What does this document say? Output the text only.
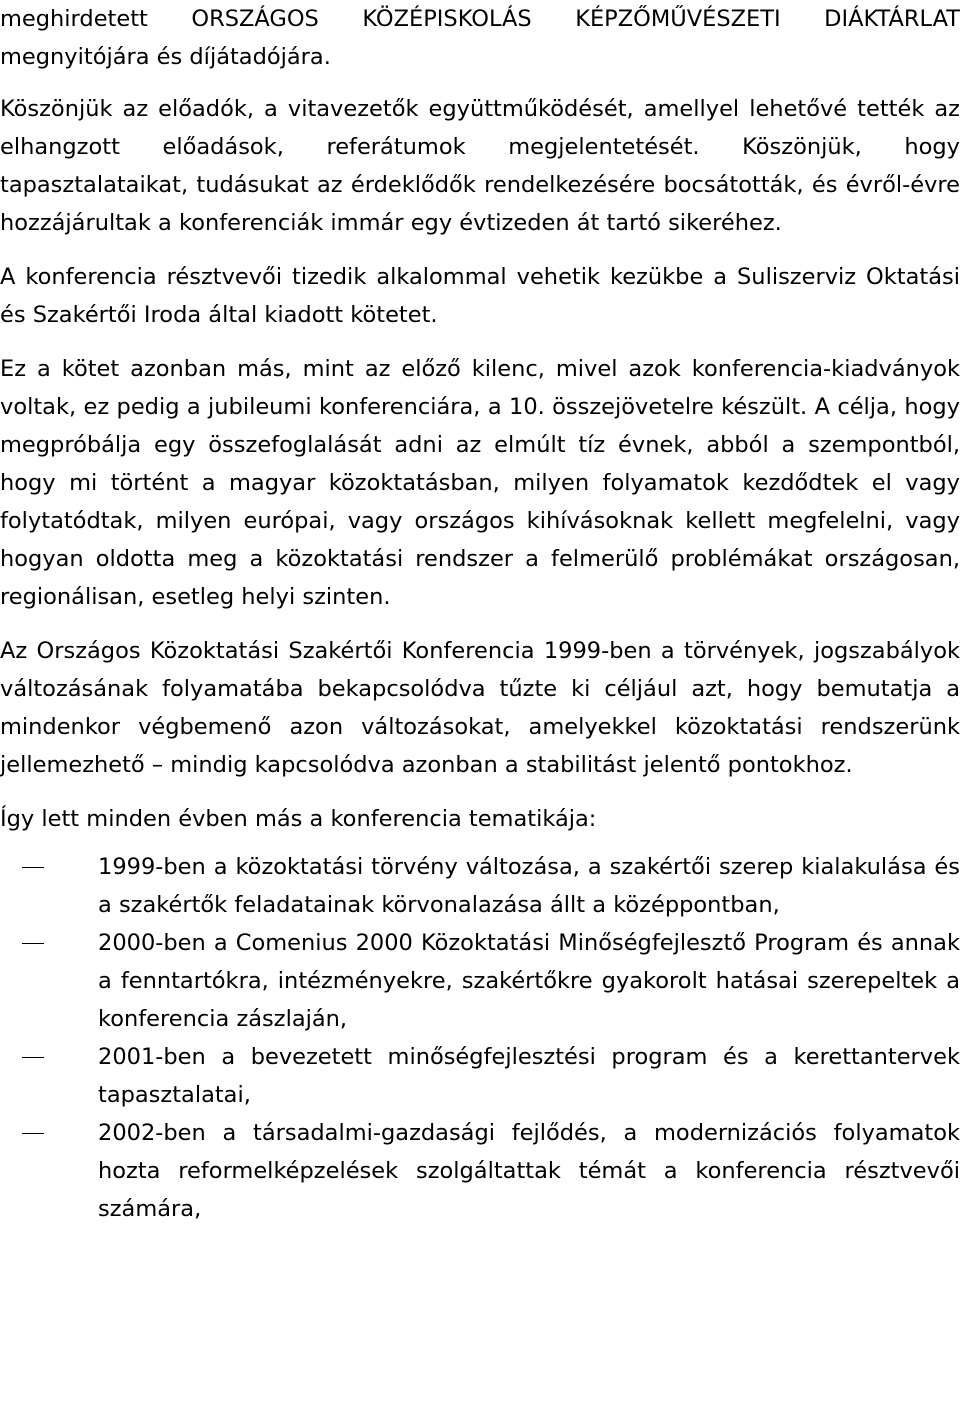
meghirdetett ORSZÁGOS KÖZÉPISKOLÁS KÉPZŐMŰVÉSZETI DIÁKTÁRLAT megnyitójára és díjátadójára.

Köszönjük az előadók, a vitavezetők együttműködését, amellyel lehetővé tették az elhangzott előadások, referátumok megjelentetését. Köszönjük, hogy tapasztalataikat, tudásukat az érdeklődők rendelkezésére bocsátották, és évről-évre hozzájárultak a konferenciák immár egy évtizeden át tartó sikeréhez.

A konferencia résztvevői tizedik alkalommal vehetik kezükbe a Suliszerviz Oktatási és Szakértői Iroda által kiadott kötetet.

Ez a kötet azonban más, mint az előző kilenc, mivel azok konferencia-kiadványok voltak, ez pedig a jubileumi konferenciára, a 10. összejövetelre készült. A célja, hogy megpróbálja egy összefoglalását adni az elmúlt tíz évnek, abból a szempontból, hogy mi történt a magyar közoktatásban, milyen folyamatok kezdődtek el vagy folytatódtak, milyen európai, vagy országos kihívásoknak kellett megfelelni, vagy hogyan oldotta meg a közoktatási rendszer a felmerülő problémákat országosan, regionálisan, esetleg helyi szinten.

Az Országos Közoktatási Szakértői Konferencia 1999-ben a törvények, jogszabályok változásának folyamatába bekapcsolódva tűzte ki céljául azt, hogy bemutatja a mindenkor végbemenő azon változásokat, amelyekkel közoktatási rendszerünk jellemezhető – mindig kapcsolódva azonban a stabilitást jelentő pontokhoz.

Így lett minden évben más a konferencia tematikája:

1999-ben a közoktatási törvény változása, a szakértői szerep kialakulása és a szakértők feladatainak körvonalazása állt a középpontban,
2000-ben a Comenius 2000 Közoktatási Minőségfejlesztő Program és annak a fenntartókra, intézményekre, szakértőkre gyakorolt hatásai szerepeltek a konferencia zászlaján,
2001-ben a bevezetett minőségfejlesztési program és a kerettantervek tapasztalatai,
2002-ben a társadalmi-gazdasági fejlődés, a modernizációs folyamatok hozta reformelképzelések szolgáltattak témát a konferencia résztvevői számára,
